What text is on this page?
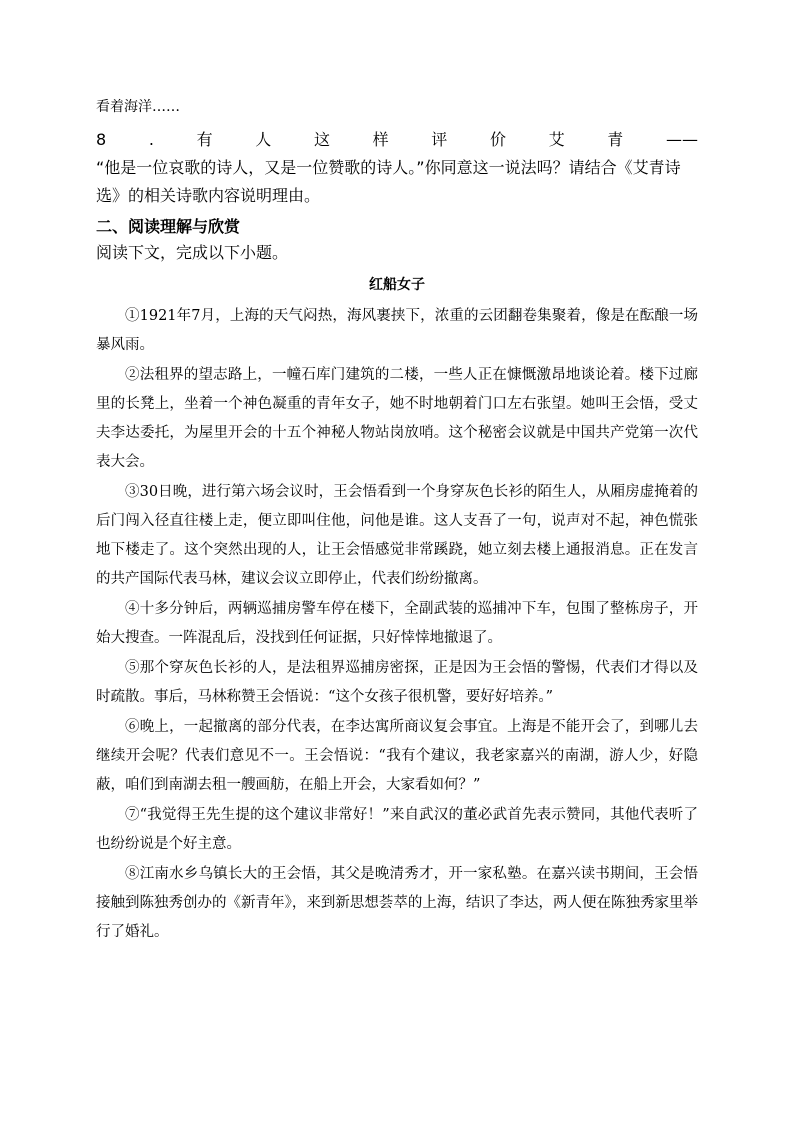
看着海洋……

8	.	有	人	这	样	评	价	艾	青	——

“他是一位哀歌的诗人，又是一位赞歌的诗人。”你同意这一说法吗？请结合《艾青诗选》的相关诗歌内容说明理由。

二、阅读理解与欣赏

阅读下文，完成以下小题。

红船女子

①1921年7月，上海的天气闷热，海风裹挟下，浓重的云团翻卷集聚着，像是在酝酿一场暴风雨。

②法租界的望志路上，一幢石库门建筑的二楼，一些人正在慷慨激昂地谈论着。楼下过廊里的长凳上，坐着一个神色凝重的青年女子，她不时地朝着门口左右张望。她叫王会悟，受丈夫李达委托，为屋里开会的十五个神秘人物站岗放哨。这个秘密会议就是中国共产党第一次代表大会。

③30日晚，进行第六场会议时，王会悟看到一个身穿灰色长衫的陌生人，从厢房虚掩着的后门闯入径直往楼上走，便立即叫住他，问他是谁。这人支吾了一句，说声对不起，神色慌张地下楼走了。这个突然出现的人，让王会悟感觉非常蹊跷，她立刻去楼上通报消息。正在发言的共产国际代表马林，建议会议立即停止，代表们纷纷撤离。

④十多分钟后，两辆巡捕房警车停在楼下，全副武装的巡捕冲下车，包围了整栋房子，开始大搜查。一阵混乱后，没找到任何证据，只好悻悻地撤退了。

⑤那个穿灰色长衫的人，是法租界巡捕房密探，正是因为王会悟的警惕，代表们才得以及时疏散。事后，马林称赞王会悟说：“这个女孩子很机警，要好好培养。”

⑥晚上，一起撤离的部分代表，在李达寓所商议复会事宜。上海是不能开会了，到哪儿去继续开会呢？代表们意见不一。王会悟说：“我有个建议，我老家嘉兴的南湖，游人少，好隐蔽，咱们到南湖去租一艘画舫，在船上开会，大家看如何？”

⑦“我觉得王先生提的这个建议非常好！”来自武汉的董必武首先表示赞同，其他代表听了也纷纷说是个好主意。

⑧江南水乡乌镇长大的王会悟，其父是晚清秀才，开一家私塾。在嘉兴读书期间，王会悟接触到陈独秀创办的《新青年》，来到新思想荟萃的上海，结识了李达，两人便在陈独秀家里举行了婚礼。
